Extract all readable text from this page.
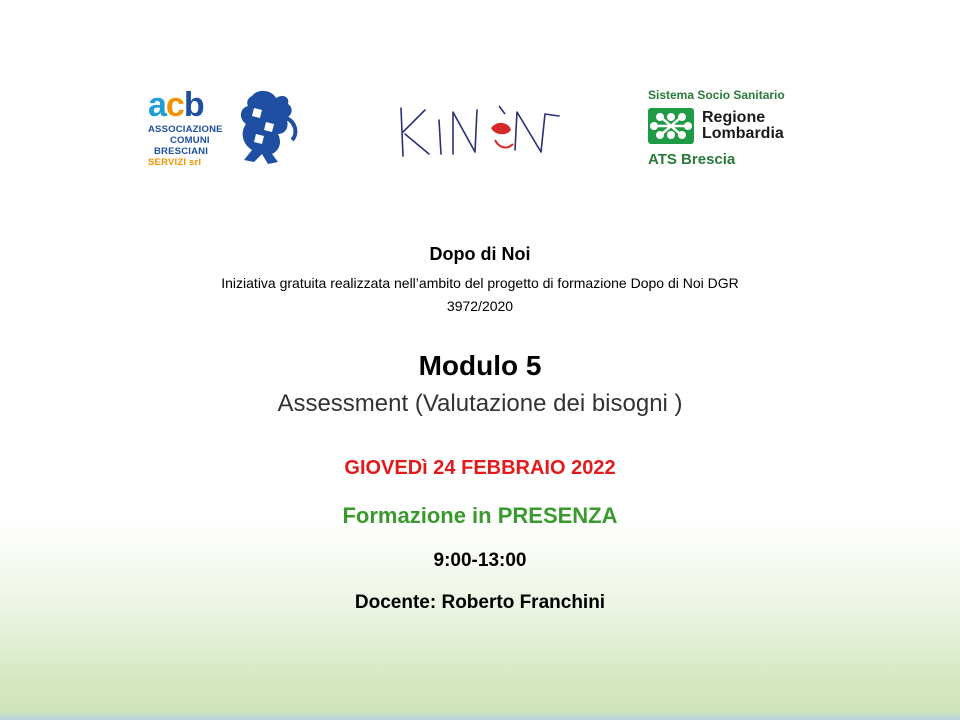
acb
ASSOCIAZIONE
COMUNI
BRESCIANI
SERVIZI srl
Sistema Socio Sanitario
Regione
Lombardia
ATS Brescia
Dopo di Noi
Iniziativa gratuita realizzata nell’ambito del progetto di formazione Dopo di Noi DGR
3972/2020
Modulo 5
Assessment (Valutazione dei bisogni )
GIOVEDì 24 FEBBRAIO 2022
Formazione in PRESENZA
9:00-13:00
Docente: Roberto Franchini
